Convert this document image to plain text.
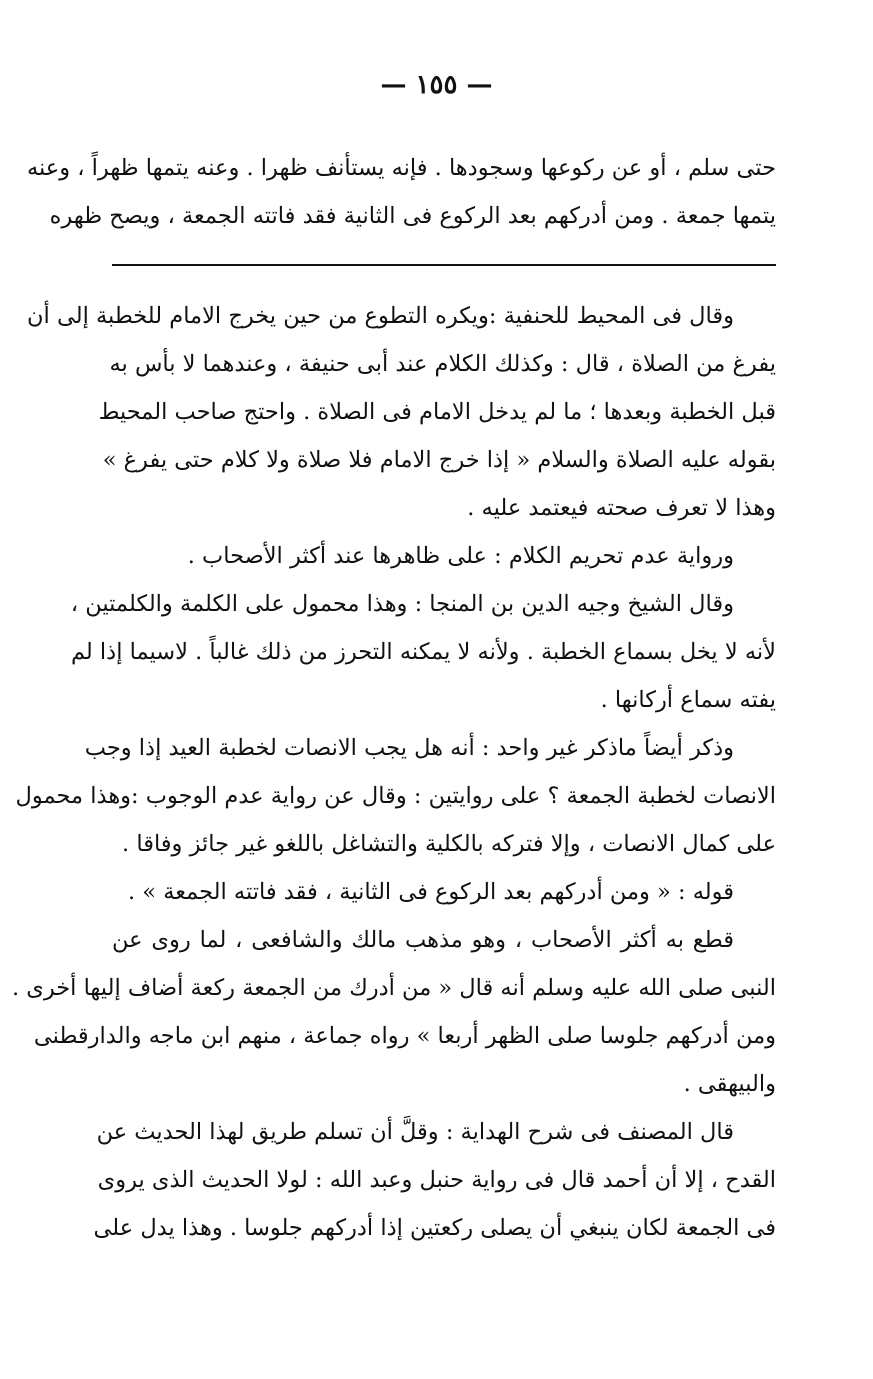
— ١٥٥ —
حتى سلم ، أو عن ركوعها وسجودها . فإنه يستأنف ظهرا . وعنه يتمها ظهراً ، وعنه
يتمها جمعة . ومن أدركهم بعد الركوع فى الثانية فقد فاتته الجمعة ، ويصح ظهره
وقال فى المحيط للحنفية :ويكره التطوع من حين يخرج الامام للخطبة إلى أن
يفرغ من الصلاة ، قال : وكذلك الكلام عند أبى حنيفة ، وعندهما لا بأس به
قبل الخطبة وبعدها ؛ ما لم يدخل الامام فى الصلاة . واحتج صاحب المحيط
بقوله عليه الصلاة والسلام « إذا خرج الامام فلا صلاة ولا كلام حتى يفرغ »
وهذا لا تعرف صحته فيعتمد عليه .
ورواية عدم تحريم الكلام : على ظاهرها عند أكثر الأصحاب .
وقال الشيخ وجيه الدين بن المنجا : وهذا محمول على الكلمة والكلمتين ،
لأنه لا يخل بسماع الخطبة . ولأنه لا يمكنه التحرز من ذلك غالباً . لاسيما إذا لم
يفته سماع أركانها .
وذكر أيضاً ماذكر غير واحد : أنه هل يجب الانصات لخطبة العيد إذا وجب
الانصات لخطبة الجمعة ؟ على روايتين : وقال عن رواية عدم الوجوب :وهذا محمول
على كمال الانصات ، وإلا فتركه بالكلية والتشاغل باللغو غير جائز وفاقا .
قوله : « ومن أدركهم بعد الركوع فى الثانية ، فقد فاتته الجمعة » .
قطع به أكثر الأصحاب ، وهو مذهب مالك والشافعى ، لما روى عن
النبى صلى الله عليه وسلم أنه قال « من أدرك من الجمعة ركعة أضاف إليها أخرى .
ومن أدركهم جلوسا صلى الظهر أربعا » رواه جماعة ، منهم ابن ماجه والدارقطنى
والبيهقى .
قال المصنف فى شرح الهداية : وقلَّ أن تسلم طريق لهذا الحديث عن
القدح ، إلا أن أحمد قال فى رواية حنبل وعبد الله : لولا الحديث الذى يروى
فى الجمعة لكان ينبغي أن يصلى ركعتين إذا أدركهم جلوسا . وهذا يدل على
